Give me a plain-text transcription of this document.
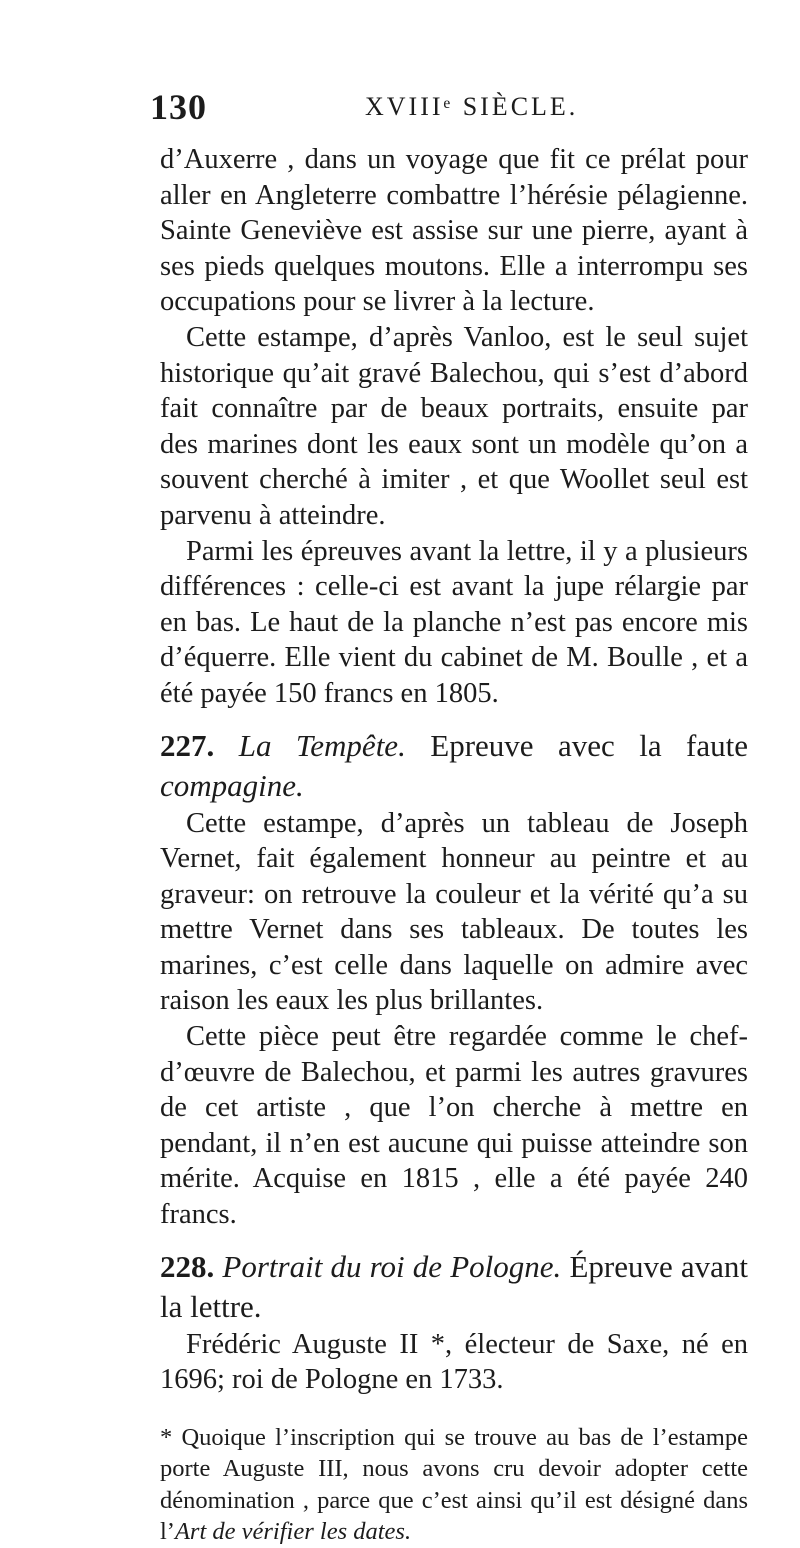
130	XVIIIᵉ SIÈCLE.

d’Auxerre , dans un voyage que fit ce prélat pour aller en Angleterre combattre l’hérésie pélagienne. Sainte Geneviève est assise sur une pierre, ayant à ses pieds quelques moutons. Elle a interrompu ses occupations pour se livrer à la lecture.

Cette estampe, d’après Vanloo, est le seul sujet historique qu’ait gravé Balechou, qui s’est d’abord fait connaître par de beaux portraits, ensuite par des marines dont les eaux sont un modèle qu’on a souvent cherché à imiter , et que Woollet seul est parvenu à atteindre.

Parmi les épreuves avant la lettre, il y a plusieurs différences : celle-ci est avant la jupe rélargie par en bas. Le haut de la planche n’est pas encore mis d’équerre. Elle vient du cabinet de M. Boulle , et a été payée 150 francs en 1805.

227. La Tempête. Epreuve avec la faute compagine.

Cette estampe, d’après un tableau de Joseph Vernet, fait également honneur au peintre et au graveur: on retrouve la couleur et la vérité qu’a su mettre Vernet dans ses tableaux. De toutes les marines, c’est celle dans laquelle on admire avec raison les eaux les plus brillantes.

Cette pièce peut être regardée comme le chef-d’œuvre de Balechou, et parmi les autres gravures de cet artiste , que l’on cherche à mettre en pendant, il n’en est aucune qui puisse atteindre son mérite. Acquise en 1815 , elle a été payée 240 francs.

228. Portrait du roi de Pologne. Épreuve avant la lettre.

Frédéric Auguste II *, électeur de Saxe, né en 1696; roi de Pologne en 1733.

* Quoique l’inscription qui se trouve au bas de l’estampe porte Auguste III, nous avons cru devoir adopter cette dénomination , parce que c’est ainsi qu’il est désigné dans l’Art de vérifier les dates.
